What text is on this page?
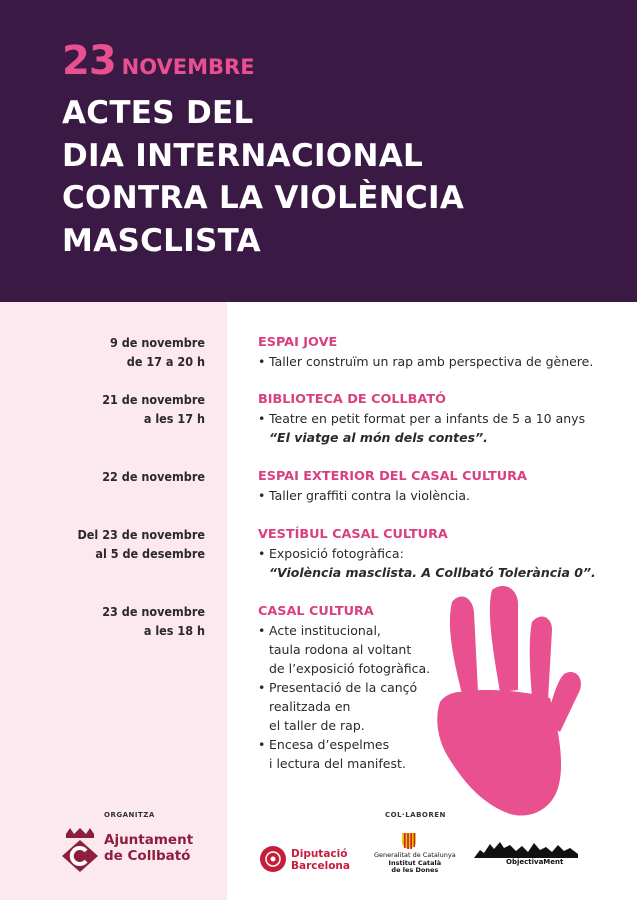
23 NOVEMBRE
ACTES DEL
DIA INTERNACIONAL
CONTRA LA VIOLÈNCIA
MASCLISTA
9 de novembre
de 17 a 20 h
ESPAI JOVE
• Taller construïm un rap amb perspectiva de gènere.
21 de novembre
a les 17 h
BIBLIOTECA DE COLLBATÓ
• Teatre en petit format per a infants de 5 a 10 anys
“El viatge al món dels contes”.
22 de novembre	ESPAI EXTERIOR DEL CASAL CULTURA
• Taller graffiti contra la violència.
Del 23 de novembre
al 5 de desembre
VESTÍBUL CASAL CULTURA
• Exposició fotogràfica:
“Violència masclista. A Collbató Tolerància 0”.
23 de novembre
a les 18 h
CASAL CULTURA
• Acte institucional,
taula rodona al voltant
de l’exposició fotogràfica.
• Presentació de la cançó
realitzada en
el taller de rap.
• Encesa d’espelmes
i lectura del manifest.
ORGANITZA	COL·LABOREN
Ajuntament
de Collbató	Diputació
Barcelona
Generalitat de Catalunya
Institut Català
de les Dones
ObjectivaMent
